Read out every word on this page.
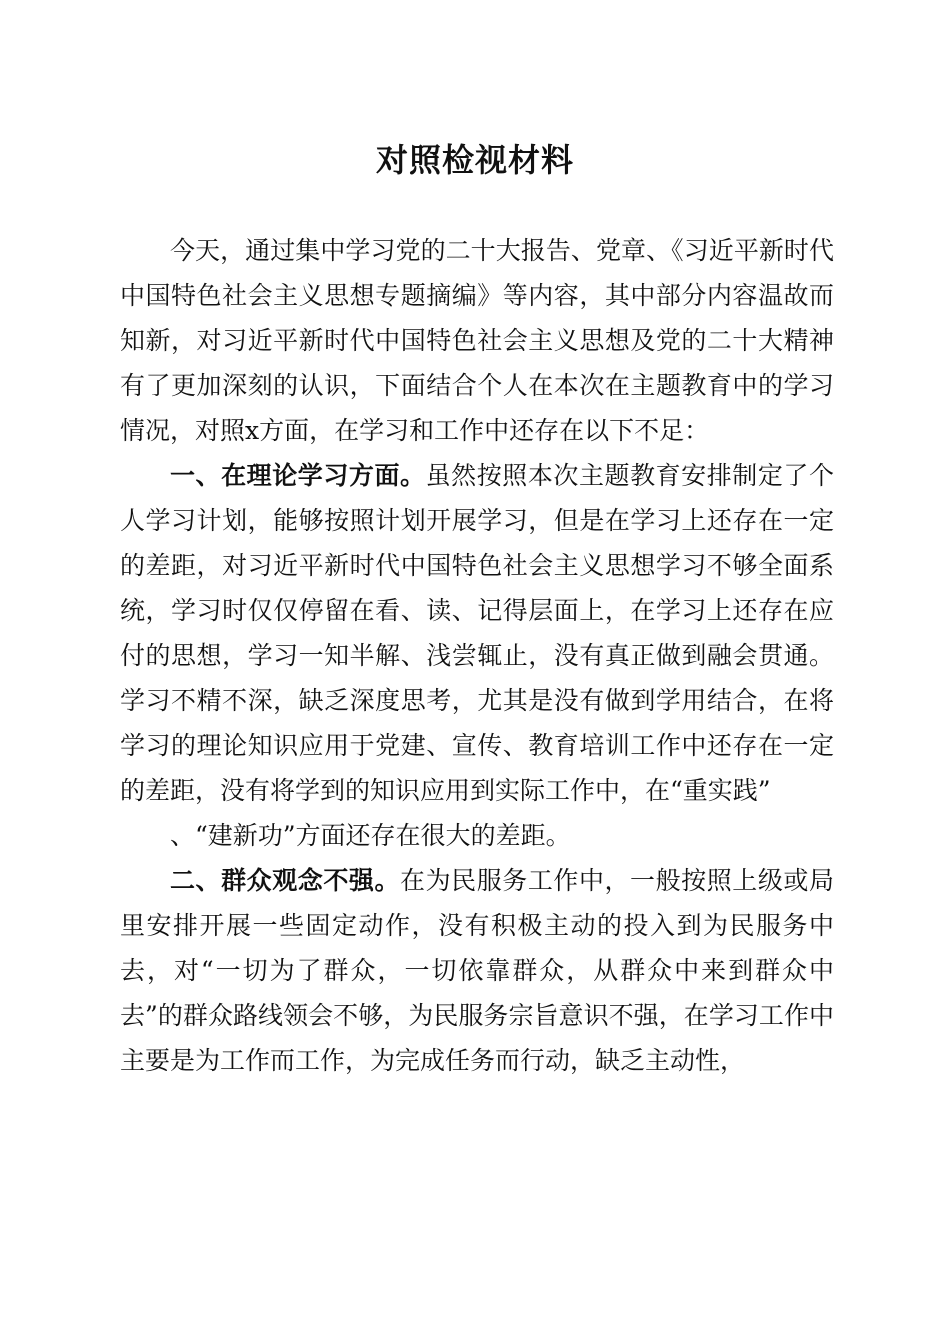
对照检视材料

今天，通过集中学习党的二十大报告、党章、《习近平新时代中国特色社会主义思想专题摘编》等内容，其中部分内容温故而知新，对习近平新时代中国特色社会主义思想及党的二十大精神有了更加深刻的认识，下面结合个人在本次在主题教育中的学习情况，对照x方面，在学习和工作中还存在以下不足：

一、在理论学习方面。虽然按照本次主题教育安排制定了个人学习计划，能够按照计划开展学习，但是在学习上还存在一定的差距，对习近平新时代中国特色社会主义思想学习不够全面系统，学习时仅仅停留在看、读、记得层面上，在学习上还存在应付的思想，学习一知半解、浅尝辄止，没有真正做到融会贯通。学习不精不深，缺乏深度思考，尤其是没有做到学用结合，在将学习的理论知识应用于党建、宣传、教育培训工作中还存在一定的差距，没有将学到的知识应用到实际工作中，在“重实践”

、“建新功”方面还存在很大的差距。

二、群众观念不强。在为民服务工作中，一般按照上级或局里安排开展一些固定动作，没有积极主动的投入到为民服务中去，对“一切为了群众，一切依靠群众，从群众中来到群众中去”的群众路线领会不够，为民服务宗旨意识不强，在学习工作中主要是为工作而工作，为完成任务而行动，缺乏主动性，
